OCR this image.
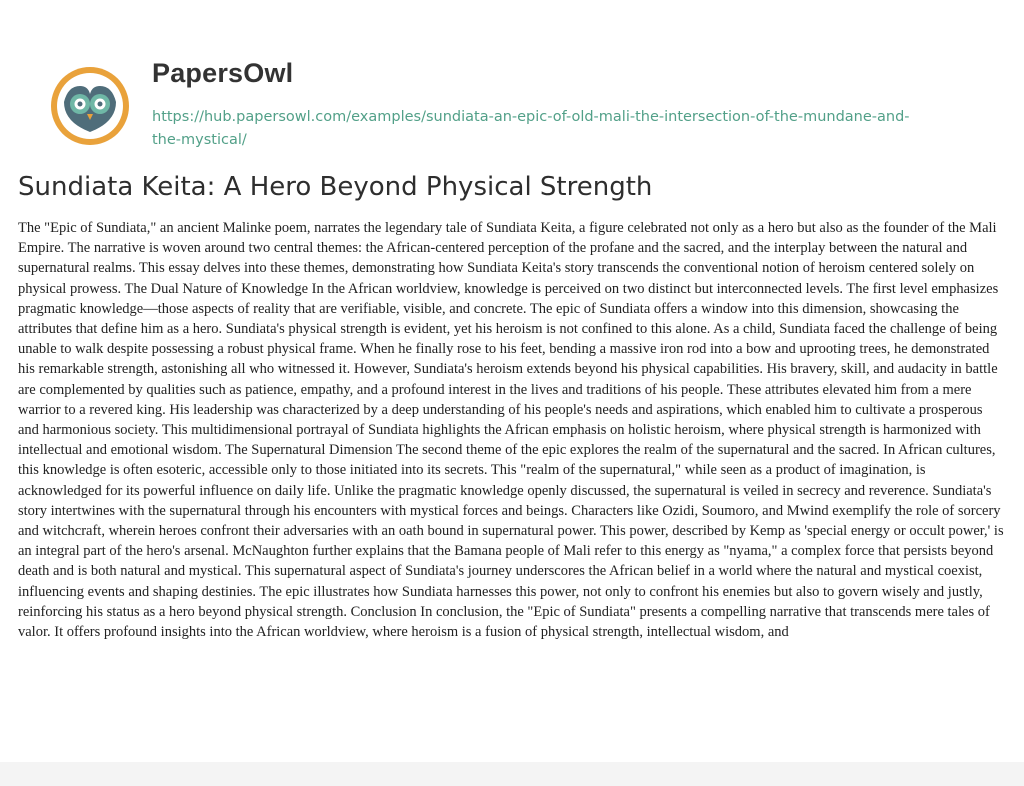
PapersOwl
https://hub.papersowl.com/examples/sundiata-an-epic-of-old-mali-the-intersection-of-the-mundane-and-the-mystical/
Sundiata Keita: A Hero Beyond Physical Strength

The "Epic of Sundiata," an ancient Malinke poem, narrates the legendary tale of Sundiata Keita, a figure celebrated not only as a hero but also as the founder of the Mali Empire. The narrative is woven around two central themes: the African-centered perception of the profane and the sacred, and the interplay between the natural and supernatural realms. This essay delves into these themes, demonstrating how Sundiata Keita's story transcends the conventional notion of heroism centered solely on physical prowess. The Dual Nature of Knowledge In the African worldview, knowledge is perceived on two distinct but interconnected levels. The first level emphasizes pragmatic knowledge—those aspects of reality that are verifiable, visible, and concrete. The epic of Sundiata offers a window into this dimension, showcasing the attributes that define him as a hero. Sundiata's physical strength is evident, yet his heroism is not confined to this alone. As a child, Sundiata faced the challenge of being unable to walk despite possessing a robust physical frame. When he finally rose to his feet, bending a massive iron rod into a bow and uprooting trees, he demonstrated his remarkable strength, astonishing all who witnessed it. However, Sundiata's heroism extends beyond his physical capabilities. His bravery, skill, and audacity in battle are complemented by qualities such as patience, empathy, and a profound interest in the lives and traditions of his people. These attributes elevated him from a mere warrior to a revered king. His leadership was characterized by a deep understanding of his people's needs and aspirations, which enabled him to cultivate a prosperous and harmonious society. This multidimensional portrayal of Sundiata highlights the African emphasis on holistic heroism, where physical strength is harmonized with intellectual and emotional wisdom. The Supernatural Dimension The second theme of the epic explores the realm of the supernatural and the sacred. In African cultures, this knowledge is often esoteric, accessible only to those initiated into its secrets. This "realm of the supernatural," while seen as a product of imagination, is acknowledged for its powerful influence on daily life. Unlike the pragmatic knowledge openly discussed, the supernatural is veiled in secrecy and reverence. Sundiata's story intertwines with the supernatural through his encounters with mystical forces and beings. Characters like Ozidi, Soumoro, and Mwind exemplify the role of sorcery and witchcraft, wherein heroes confront their adversaries with an oath bound in supernatural power. This power, described by Kemp as 'special energy or occult power,' is an integral part of the hero's arsenal. McNaughton further explains that the Bamana people of Mali refer to this energy as "nyama," a complex force that persists beyond death and is both natural and mystical. This supernatural aspect of Sundiata's journey underscores the African belief in a world where the natural and mystical coexist, influencing events and shaping destinies. The epic illustrates how Sundiata harnesses this power, not only to confront his enemies but also to govern wisely and justly, reinforcing his status as a hero beyond physical strength. Conclusion In conclusion, the "Epic of Sundiata" presents a compelling narrative that transcends mere tales of valor. It offers profound insights into the African worldview, where heroism is a fusion of physical strength, intellectual wisdom, and
